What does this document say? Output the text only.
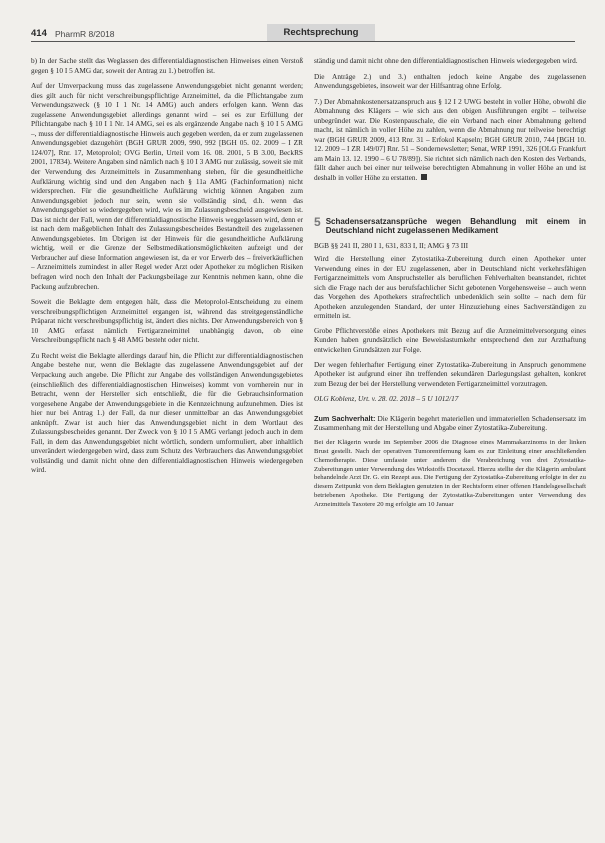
414 PharmR 8/2018	Rechtsprechung

b) In der Sache stellt das Weglassen des differentialdiagnostischen Hinweises einen Verstoß gegen § 10 I 5 AMG dar, soweit der Antrag zu 1.) betroffen ist.

Auf der Umverpackung muss das zugelassene Anwendungsgebiet nicht genannt werden; dies gilt auch für nicht verschreibungspflichtige Arzneimittel, da die Pflichtangabe zum Verwendungszweck (§ 10 I 1 Nr. 14 AMG) auch anders erfolgen kann. Wenn das zugelassene Anwendungsgebiet allerdings genannt wird – sei es zur Erfüllung der Pflichtangabe nach § 10 I 1 Nr. 14 AMG, sei es als ergänzende Angabe nach § 10 I 5 AMG –, muss der differentialdiagnostische Hinweis auch gegeben werden, da er zum zugelassenen Anwendungsgebiet dazugehört (BGH GRUR 2009, 990, 992 [BGH 05. 02. 2009 – I ZR 124/07], Rnr. 17, Metoprolol; OVG Berlin, Urteil vom 16. 08. 2001, 5 B 3.00, BeckRS 2001, 17834). Weitere Angaben sind nämlich nach § 10 I 3 AMG nur zulässig, soweit sie mit der Verwendung des Arzneimittels in Zusammenhang stehen, für die gesundheitliche Aufklärung wichtig sind und den Angaben nach § 11a AMG (Fachinformation) nicht widersprechen. Für die gesundheitliche Aufklärung wichtig können Angaben zum Anwendungsgebiet jedoch nur sein, wenn sie vollständig sind, d.h. wenn das Anwendungsgebiet so wiedergegeben wird, wie es im Zulassungsbescheid ausgewiesen ist. Das ist nicht der Fall, wenn der differentialdiagnostische Hinweis weggelassen wird, denn er ist nach dem maßgeblichen Inhalt des Zulassungsbescheides Bestandteil des zugelassenen Anwendungsgebietes. Im Übrigen ist der Hinweis für die gesundheitliche Aufklärung wichtig, weil er die Grenze der Selbstmedikationsmöglichkeiten aufzeigt und der Verbraucher auf diese Information angewiesen ist, da er vor Erwerb des – freiverkäuflichen – Arzneimittels zumindest in aller Regel weder Arzt oder Apotheker zu möglichen Risiken befragen wird noch den Inhalt der Packungsbeilage zur Kenntnis nehmen kann, ohne die Packung aufzubrechen.

Soweit die Beklagte dem entgegen hält, dass die Metoprolol-Entscheidung zu einem verschreibungspflichtigen Arzneimittel ergangen ist, während das streitgegenständliche Präparat nicht verschreibungspflichtig ist, ändert dies nichts. Der Anwendungsbereich von § 10 AMG erfasst nämlich Fertigarzneimittel unabhängig davon, ob eine Verschreibungspflicht nach § 48 AMG besteht oder nicht.

Zu Recht weist die Beklagte allerdings darauf hin, die Pflicht zur differentialdiagnostischen Angabe bestehe nur, wenn die Beklagte das zugelassene Anwendungsgebiet auf der Verpackung auch angebe. Die Pflicht zur Angabe des vollständigen Anwendungsgebietes (einschließlich des differentialdiagnostischen Hinweises) kommt von vornherein nur in Betracht, wenn der Hersteller sich entschließt, die für die Gebrauchsinformation vorgesehene Angabe der Anwendungsgebiete in die Kennzeichnung aufzunehmen. Dies ist hier nur bei Antrag 1.) der Fall, da nur dieser unmittelbar an das Anwendungsgebiet anknüpft. Zwar ist auch hier das Anwendungsgebiet nicht in dem Wortlaut des Zulassungsbescheides genannt. Der Zweck von § 10 I 5 AMG verlangt jedoch auch in dem Fall, in dem das Anwendungsgebiet nicht wörtlich, sondern umformuliert, aber inhaltlich unverändert wiedergegeben wird, dass zum Schutz des Verbrauchers das Anwendungsgebiet vollständig und damit nicht ohne den differentialdiagnostischen Hinweis wiedergegeben wird.

ständig und damit nicht ohne den differentialdiagnostischen Hinweis wiedergegeben wird.

Die Anträge 2.) und 3.) enthalten jedoch keine Angabe des zugelassenen Anwendungsgebietes, insoweit war der Hilfsantrag ohne Erfolg.

7.) Der Abmahnkostenersatzanspruch aus § 12 I 2 UWG besteht in voller Höhe, obwohl die Abmahnung des Klägers – wie sich aus den obigen Ausführungen ergibt – teilweise unbegründet war. Die Kostenpauschale, die ein Verband nach einer Abmahnung geltend macht, ist nämlich in voller Höhe zu zahlen, wenn die Abmahnung nur teilweise berechtigt war (BGH GRUR 2009, 413 Rnr. 31 – Erfokol Kapseln; BGH GRUR 2010, 744 [BGH 10. 12. 2009 – I ZR 149/07] Rnr. 51 – Sondernewsletter; Senat, WRP 1991, 326 [OLG Frankfurt am Main 13. 12. 1990 – 6 U 78/89]). Sie richtet sich nämlich nach den Kosten des Verbands, fällt daher auch bei einer nur teilweise berechtigten Abmahnung in voller Höhe an und ist deshalb in voller Höhe zu erstatten.

5 Schadensersatzansprüche wegen Behandlung mit einem in Deutschland nicht zugelassenen Medikament

BGB §§ 241 II, 280 I 1, 631, 833 I, II; AMG § 73 III

Wird die Herstellung einer Zytostatika-Zubereitung durch einen Apotheker unter Verwendung eines in der EU zugelassenen, aber in Deutschland nicht verkehrsfähigen Fertigarzneimittels vom Anspruchsteller als beruflichen Fehlverhalten beanstandet, richtet sich die Frage nach der aus berufsfachlicher Sicht gebotenen Vorgehensweise – auch wenn das Vorgehen des Apothekers strafrechtlich unbedenklich sein sollte – nach dem für Apotheken anzulegenden Standard, der unter Hinzuziehung eines Sachverständigen zu ermitteln ist.

Grobe Pflichtverstöße eines Apothekers mit Bezug auf die Arzneimittelversorgung eines Kunden haben grundsätzlich eine Beweislastumkehr entsprechend den zur Arzthaftung entwickelten Grundsätzen zur Folge.

Der wegen fehlerhafter Fertigung einer Zytostatika-Zubereitung in Anspruch genommene Apotheker ist aufgrund einer ihn treffenden sekundären Darlegungslast gehalten, konkret zum Bezug der bei der Herstellung verwendeten Fertigarzneimittel vorzutragen.

OLG Koblenz, Urt. v. 28. 02. 2018 – 5 U 1012/17

Zum Sachverhalt: Die Klägerin begehrt materiellen und immateriellen Schadensersatz im Zusammenhang mit der Herstellung und Abgabe einer Zytostatika-Zubereitung.

Bei der Klägerin wurde im September 2006 die Diagnose eines Mammakarzinoms in der linken Brust gestellt. Nach der operativen Tumorentfernung kam es zur Einleitung einer anschließenden Chemotherapie. Diese umfasste unter anderem die Verabreichung von drei Zytostatika-Zubereitungen unter Verwendung des Wirkstoffs Docetaxel. Hierzu stellte der die Klägerin ambulant behandelnde Arzt Dr. G. ein Rezept aus. Die Fertigung der Zytostatika-Zubereitung erfolgte in der zu diesem Zeitpunkt von dem Beklagten genutzten in der Rechtsform einer offenen Handelsgesellschaft betriebenen Apotheke. Die Fertigung der Zytostatika-Zubereitungen unter Verwendung des Arzneimittels Taxotere 20 mg erfolgte am 10 Januar
